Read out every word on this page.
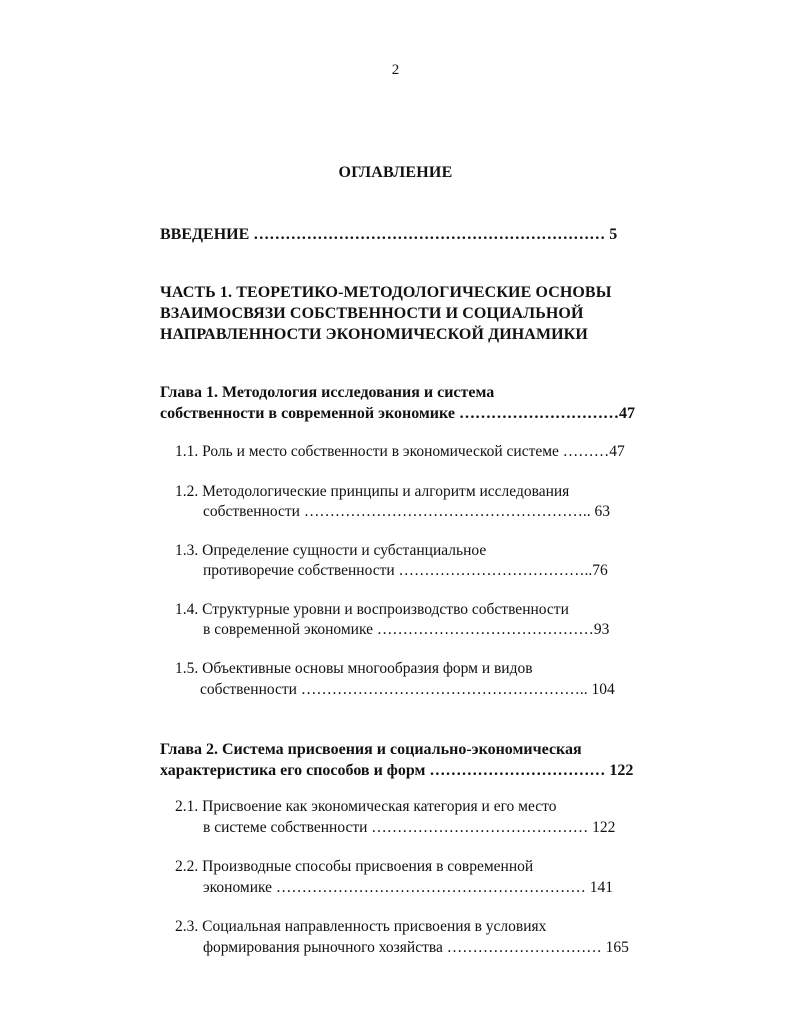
2
ОГЛАВЛЕНИЕ
ВВЕДЕНИЕ ………………………………………………………… 5
ЧАСТЬ 1. ТЕОРЕТИКО-МЕТОДОЛОГИЧЕСКИЕ ОСНОВЫ
ВЗАИМОСВЯЗИ СОБСТВЕННОСТИ И СОЦИАЛЬНОЙ
НАПРАВЛЕННОСТИ ЭКОНОМИЧЕСКОЙ ДИНАМИКИ
Глава 1. Методология исследования и система
собственности в современной экономике …………………………47
1.1. Роль и место собственности в экономической системе ………47
1.2. Методологические принципы и алгоритм исследования
собственности ……………………………………………….. 63
1.3. Определение сущности и субстанциальное
противоречие собственности ………………………………..76
1.4. Структурные уровни и воспроизводство собственности
в современной экономике ……………………………………93
1.5. Объективные основы многообразия форм и видов
собственности ……………………………………………….. 104
Глава 2. Система присвоения и социально-экономическая
характеристика его способов и форм …………………………… 122
2.1. Присвоение как экономическая категория и его место
в системе собственности …………………………………… 122
2.2. Производные способы присвоения в современной
экономике …………………………………………………… 141
2.3. Социальная направленность присвоения в условиях
формирования рыночного хозяйства ………………………… 165
